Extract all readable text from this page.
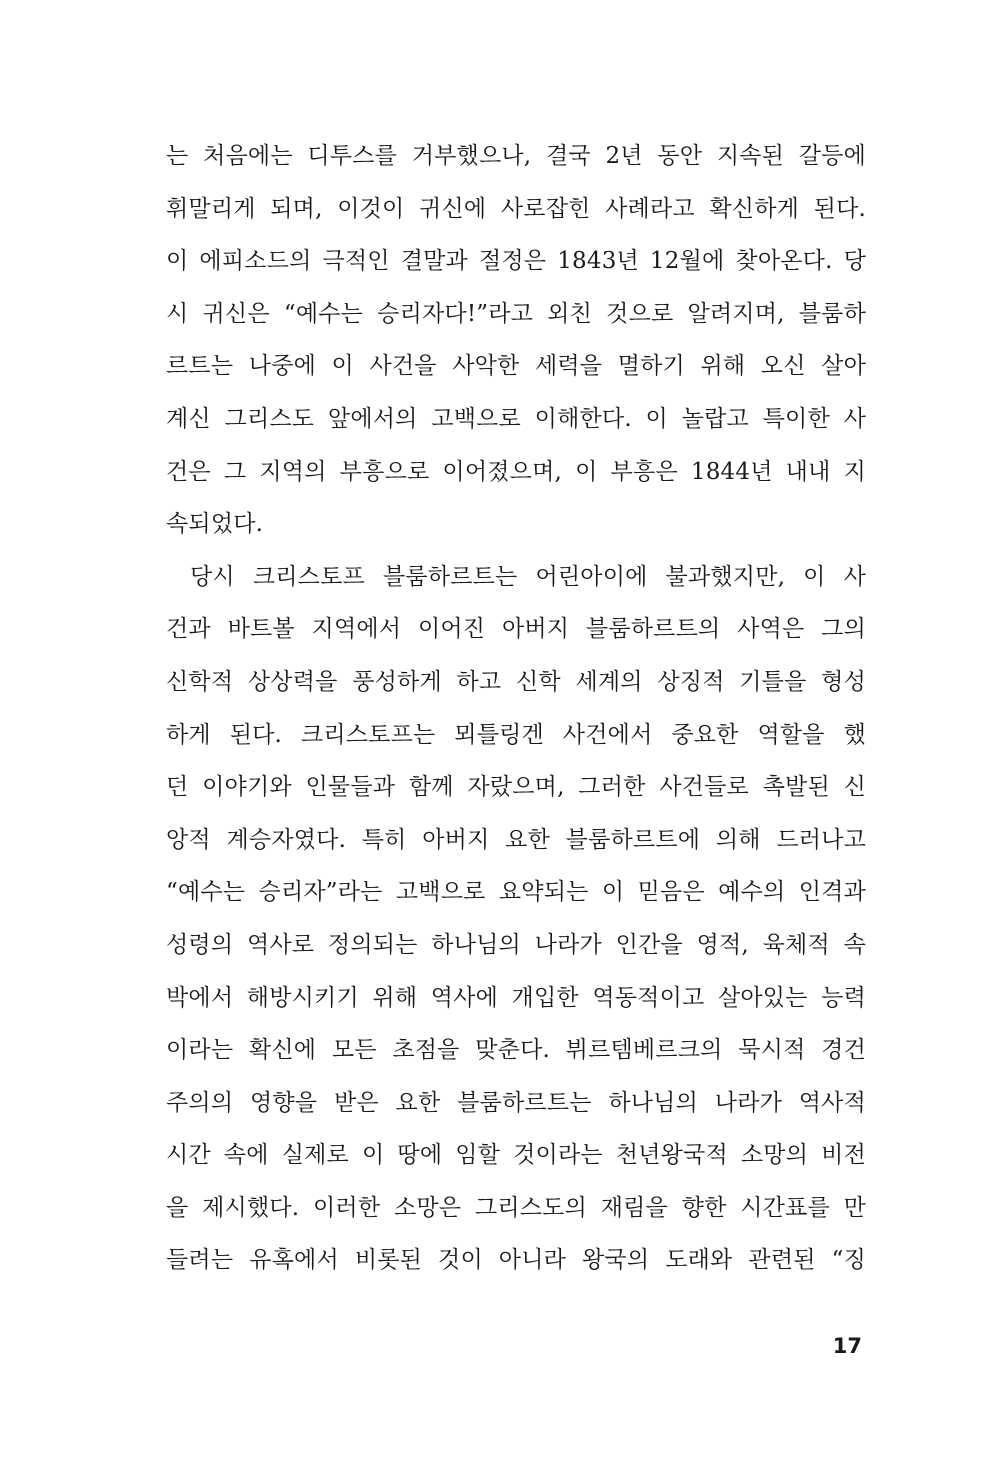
는 처음에는 디투스를 거부했으나, 결국 2년 동안 지속된 갈등에
휘말리게 되며, 이것이 귀신에 사로잡힌 사례라고 확신하게 된다.
이 에피소드의 극적인 결말과 절정은 1843년 12월에 찾아온다. 당
시 귀신은 “예수는 승리자다!”라고 외친 것으로 알려지며, 블룸하
르트는 나중에 이 사건을 사악한 세력을 멸하기 위해 오신 살아
계신 그리스도 앞에서의 고백으로 이해한다. 이 놀랍고 특이한 사
건은 그 지역의 부흥으로 이어졌으며, 이 부흥은 1844년 내내 지
속되었다.
당시 크리스토프 블룸하르트는 어린아이에 불과했지만, 이 사
건과 바트볼 지역에서 이어진 아버지 블룸하르트의 사역은 그의
신학적 상상력을 풍성하게 하고 신학 세계의 상징적 기틀을 형성
하게 된다. 크리스토프는 뫼틀링겐 사건에서 중요한 역할을 했
던 이야기와 인물들과 함께 자랐으며, 그러한 사건들로 촉발된 신
앙적 계승자였다. 특히 아버지 요한 블룸하르트에 의해 드러나고
“예수는 승리자”라는 고백으로 요약되는 이 믿음은 예수의 인격과
성령의 역사로 정의되는 하나님의 나라가 인간을 영적, 육체적 속
박에서 해방시키기 위해 역사에 개입한 역동적이고 살아있는 능력
이라는 확신에 모든 초점을 맞춘다. 뷔르템베르크의 묵시적 경건
주의의 영향을 받은 요한 블룸하르트는 하나님의 나라가 역사적
시간 속에 실제로 이 땅에 임할 것이라는 천년왕국적 소망의 비전
을 제시했다. 이러한 소망은 그리스도의 재림을 향한 시간표를 만
들려는 유혹에서 비롯된 것이 아니라 왕국의 도래와 관련된 “징
17
